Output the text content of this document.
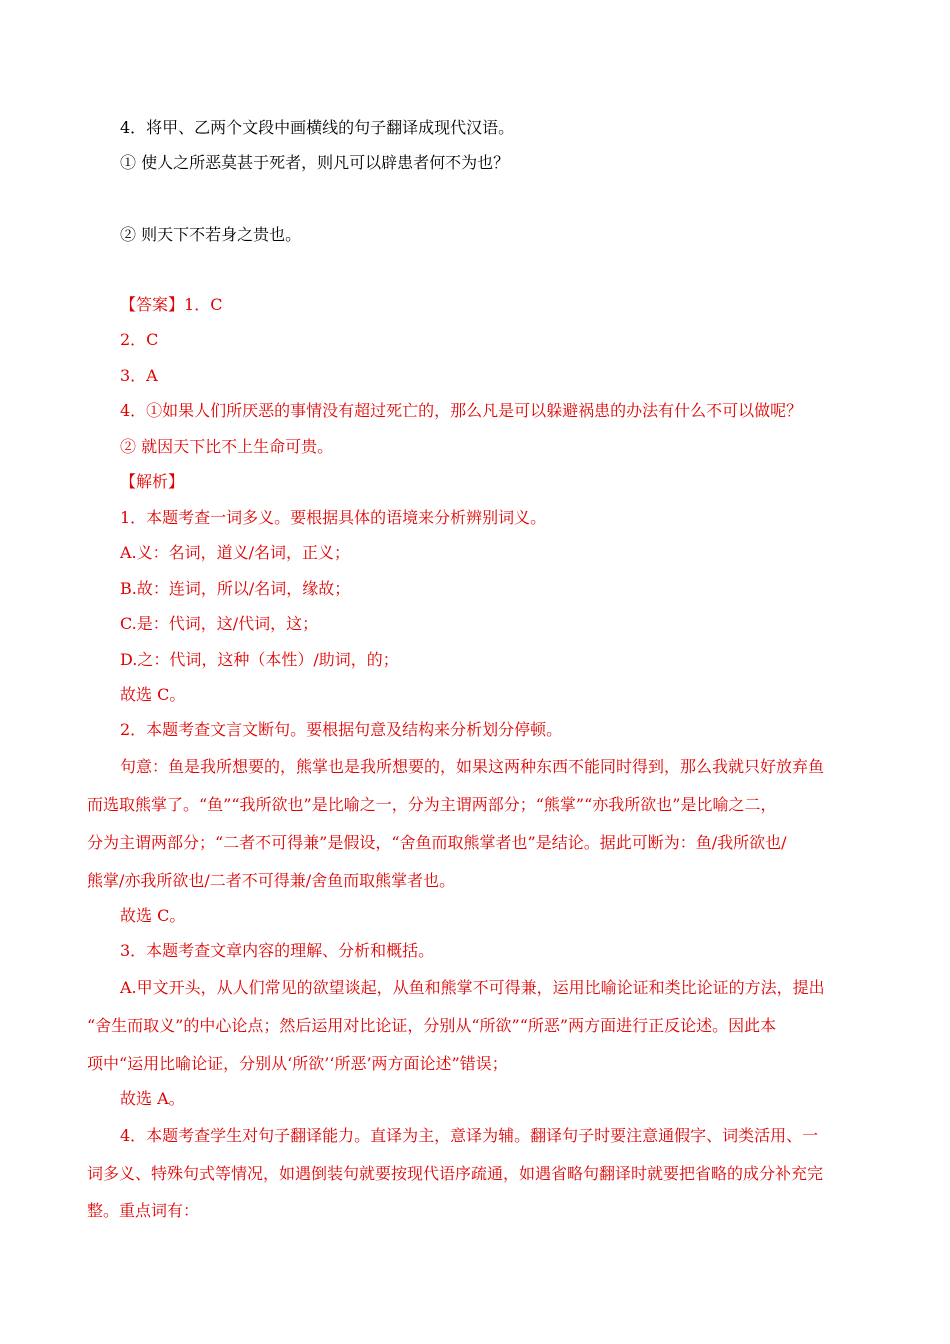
4．将甲、乙两个文段中画横线的句子翻译成现代汉语。
① 使人之所恶莫甚于死者，则凡可以辟患者何不为也？
② 则天下不若身之贵也。
【答案】1．C
2．C
3．A
4．①如果人们所厌恶的事情没有超过死亡的，那么凡是可以躲避祸患的办法有什么不可以做呢？
② 就因天下比不上生命可贵。
【解析】
1．本题考查一词多义。要根据具体的语境来分析辨别词义。
A.义：名词，道义/名词，正义；
B.故：连词，所以/名词，缘故；
C.是：代词，这/代词，这；
D.之：代词，这种（本性）/助词，的；
故选 C。
2．本题考查文言文断句。要根据句意及结构来分析划分停顿。
句意：鱼是我所想要的，熊掌也是我所想要的，如果这两种东西不能同时得到，那么我就只好放弃鱼
而选取熊掌了。“鱼”“我所欲也”是比喻之一，分为主谓两部分；“熊掌”“亦我所欲也”是比喻之二，
分为主谓两部分；“二者不可得兼”是假设，“舍鱼而取熊掌者也”是结论。据此可断为：鱼/我所欲也/
熊掌/亦我所欲也/二者不可得兼/舍鱼而取熊掌者也。
故选 C。
3．本题考查文章内容的理解、分析和概括。
A.甲文开头，从人们常见的欲望谈起，从鱼和熊掌不可得兼，运用比喻论证和类比论证的方法，提出
“舍生而取义”的中心论点；然后运用对比论证，分别从“所欲”“所恶”两方面进行正反论述。因此本
项中“运用比喻论证，分别从‘所欲’‘所恶’两方面论述”错误；
故选 A。
4．本题考查学生对句子翻译能力。直译为主，意译为辅。翻译句子时要注意通假字、词类活用、一
词多义、特殊句式等情况，如遇倒装句就要按现代语序疏通，如遇省略句翻译时就要把省略的成分补充完
整。重点词有：
